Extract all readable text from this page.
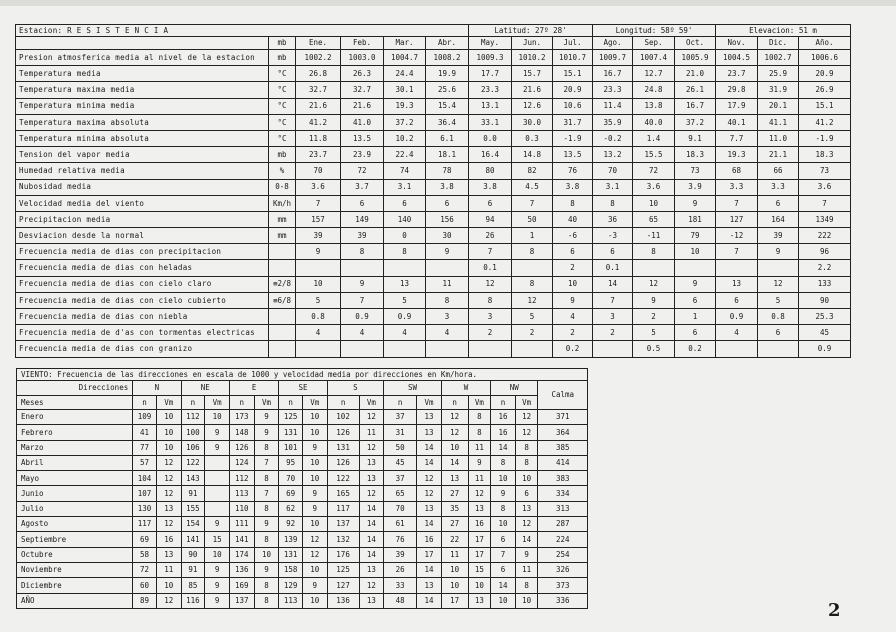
Estacion: R E S I S T E N C I A						Latitud: 27º 28'			Longitud: 58º 59'			Elevacion: 51 m		
	mb	Ene.	Feb.	Mar.	Abr.	May.	Jun.	Jul.	Ago.	Sep.	Oct.	Nov.	Dic.	Año.
Presion atmosferica media al nivel de la estacion	mb	1002.2	1003.0	1004.7	1008.2	1009.3	1010.2	1010.7	1009.7	1007.4	1005.9	1004.5	1002.7	1006.6
Temperatura media	°C	26.8	26.3	24.4	19.9	17.7	15.7	15.1	16.7	12.7	21.0	23.7	25.9	20.9
Temperatura maxima media	°C	32.7	32.7	30.1	25.6	23.3	21.6	20.9	23.3	24.8	26.1	29.8	31.9	26.9
Temperatura minima media	°C	21.6	21.6	19.3	15.4	13.1	12.6	10.6	11.4	13.8	16.7	17.9	20.1	15.1
Temperatura maxima absoluta	°C	41.2	41.0	37.2	36.4	33.1	30.0	31.7	35.9	40.0	37.2	40.1	41.1	41.2
Temperatura minima absoluta	°C	11.8	13.5	10.2	6.1	0.0	0.3	-1.9	-0.2	1.4	9.1	7.7	11.0	-1.9
Tension del vapor media	mb	23.7	23.9	22.4	18.1	16.4	14.8	13.5	13.2	15.5	18.3	19.3	21.1	18.3
Humedad relativa media	%	70	72	74	78	80	82	76	70	72	73	68	66	73
Nubosidad media	0-8	3.6	3.7	3.1	3.8	3.8	4.5	3.8	3.1	3.6	3.9	3.3	3.3	3.6
Velocidad media del viento	Km/h	7	6	6	6	6	7	8	8	10	9	7	6	7
Precipitacion media	mm	157	149	140	156	94	50	40	36	65	181	127	164	1349
Desviacion desde la normal	mm	39	39	0	30	26	1	-6	-3	-11	79	-12	39	222
Frecuencia media de dias con precipitacion		9	8	8	9	7	8	6	6	8	10	7	9	96
Frecuencia media de dias con heladas						0.1		2	0.1					2.2
Frecuencia media de dias con cielo claro	≡2/8	10	9	13	11	12	8	10	14	12	9	13	12	133
Frecuencia media de dias con cielo cubierto	≡6/8	5	7	5	8	8	12	9	7	9	6	6	5	90
Frecuencia media de dias con niebla		0.8	0.9	0.9	3	3	5	4	3	2	1	0.9	0.8	25.3
Frecuencia media de d'as con tormentas electricas		4	4	4	4	2	2	2	2	5	6	4	6	45
Frecuencia media de dias con granizo								0.2		0.5	0.2			0.9
VIENTO: Frecuencia de las direcciones en escala de 1000 y velocidad media por direcciones en Km/hora.																	
Direcciones	N		NE		E		SE		S		SW		W		NW		Calma
Meses	n	Vm	n	Vm	n	Vm	n	Vm	n	Vm	n	Vm	n	Vm	n	Vm	
Enero	109	10	112	10	173	9	125	10	102	12	37	13	12	8	16	12	371
Febrero	41	10	100	9	148	9	131	10	126	11	31	13	12	8	16	12	364
Marzo	77	10	106	9	126	8	101	9	131	12	50	14	10	11	14	8	385
Abril	57	12	122		124	7	95	10	126	13	45	14	14	9	8	8	414
Mayo	104	12	143		112	8	70	10	122	13	37	12	13	11	10	10	383
Junio	107	12	91		113	7	69	9	165	12	65	12	27	12	9	6	334
Julio	130	13	155		110	8	62	9	117	14	70	13	35	13	8	13	313
Agosto	117	12	154	9	111	9	92	10	137	14	61	14	27	16	10	12	287
Septiembre	69	16	141	15	141	8	139	12	132	14	76	16	22	17	6	14	224
Octubre	58	13	90	10	174	10	131	12	176	14	39	17	11	17	7	9	254
Noviembre	72	11	91	9	136	9	158	10	125	13	26	14	10	15	6	11	326
Diciembre	60	10	85	9	169	8	129	9	127	12	33	13	10	10	14	8	373
AÑO	89	12	116	9	137	8	113	10	136	13	48	14	17	13	10	10	336	2
